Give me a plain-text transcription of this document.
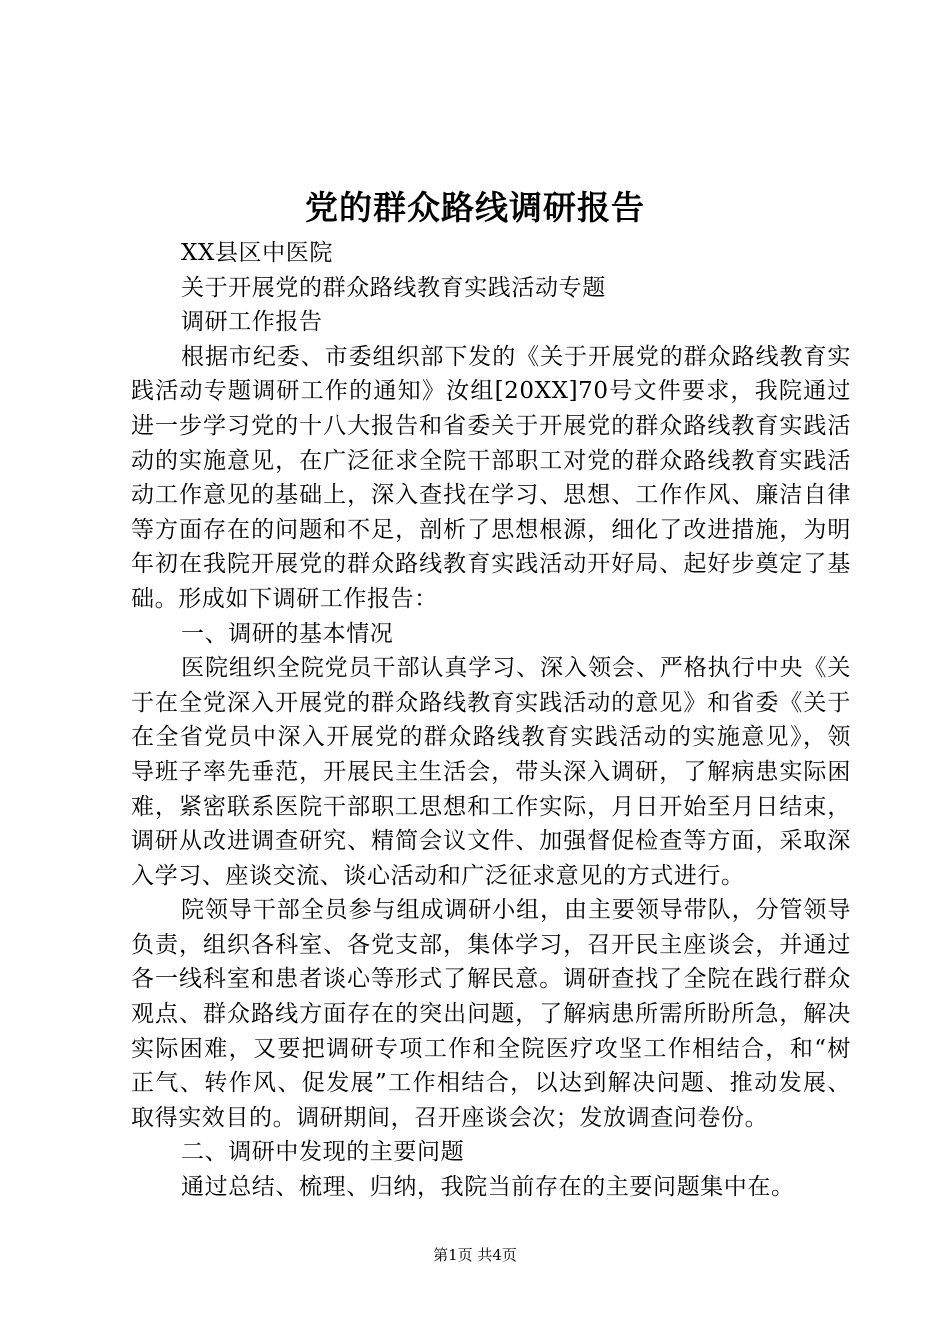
党的群众路线调研报告

XX县区中医院

关于开展党的群众路线教育实践活动专题

调研工作报告

根据市纪委、市委组织部下发的《关于开展党的群众路线教育实践活动专题调研工作的通知》汝组[20XX]70号文件要求，我院通过进一步学习党的十八大报告和省委关于开展党的群众路线教育实践活动的实施意见，在广泛征求全院干部职工对党的群众路线教育实践活动工作意见的基础上，深入查找在学习、思想、工作作风、廉洁自律等方面存在的问题和不足，剖析了思想根源，细化了改进措施，为明年初在我院开展党的群众路线教育实践活动开好局、起好步奠定了基础。形成如下调研工作报告：

一、调研的基本情况

医院组织全院党员干部认真学习、深入领会、严格执行中央《关于在全党深入开展党的群众路线教育实践活动的意见》和省委《关于在全省党员中深入开展党的群众路线教育实践活动的实施意见》，领导班子率先垂范，开展民主生活会，带头深入调研，了解病患实际困难，紧密联系医院干部职工思想和工作实际，月日开始至月日结束，调研从改进调查研究、精简会议文件、加强督促检查等方面，采取深入学习、座谈交流、谈心活动和广泛征求意见的方式进行。

院领导干部全员参与组成调研小组，由主要领导带队，分管领导负责，组织各科室、各党支部，集体学习，召开民主座谈会，并通过各一线科室和患者谈心等形式了解民意。调研查找了全院在践行群众观点、群众路线方面存在的突出问题，了解病患所需所盼所急，解决实际困难，又要把调研专项工作和全院医疗攻坚工作相结合，和“树正气、转作风、促发展”工作相结合，以达到解决问题、推动发展、取得实效目的。调研期间，召开座谈会次；发放调查问卷份。

二、调研中发现的主要问题

通过总结、梳理、归纳，我院当前存在的主要问题集中在。

第1页 共4页
